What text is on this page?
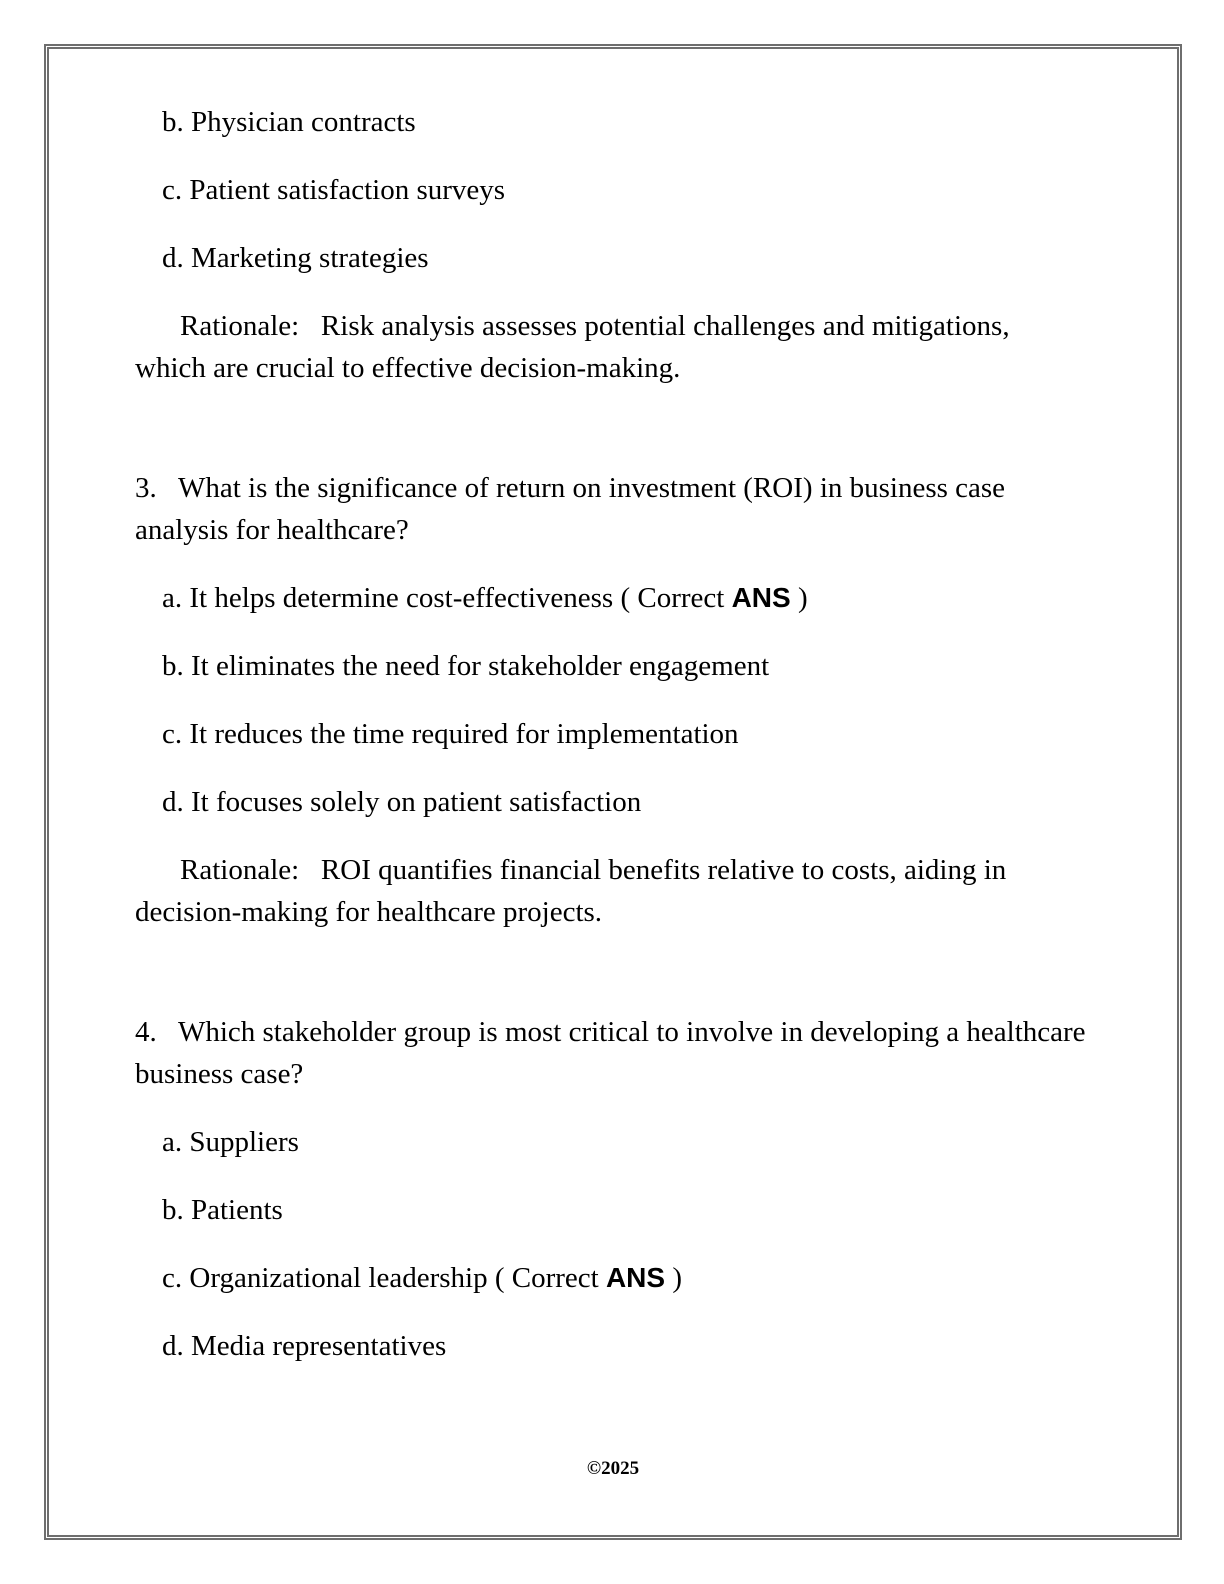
b. Physician contracts

c. Patient satisfaction surveys

d. Marketing strategies

Rationale:   Risk analysis assesses potential challenges and mitigations, which are crucial to effective decision-making.

3.   What is the significance of return on investment (ROI) in business case analysis for healthcare?

a. It helps determine cost-effectiveness ( Correct ANS )

b. It eliminates the need for stakeholder engagement

c. It reduces the time required for implementation

d. It focuses solely on patient satisfaction

Rationale:   ROI quantifies financial benefits relative to costs, aiding in decision-making for healthcare projects.

4.   Which stakeholder group is most critical to involve in developing a healthcare business case?

a. Suppliers

b. Patients

c. Organizational leadership ( Correct ANS )

d. Media representatives

©2025
